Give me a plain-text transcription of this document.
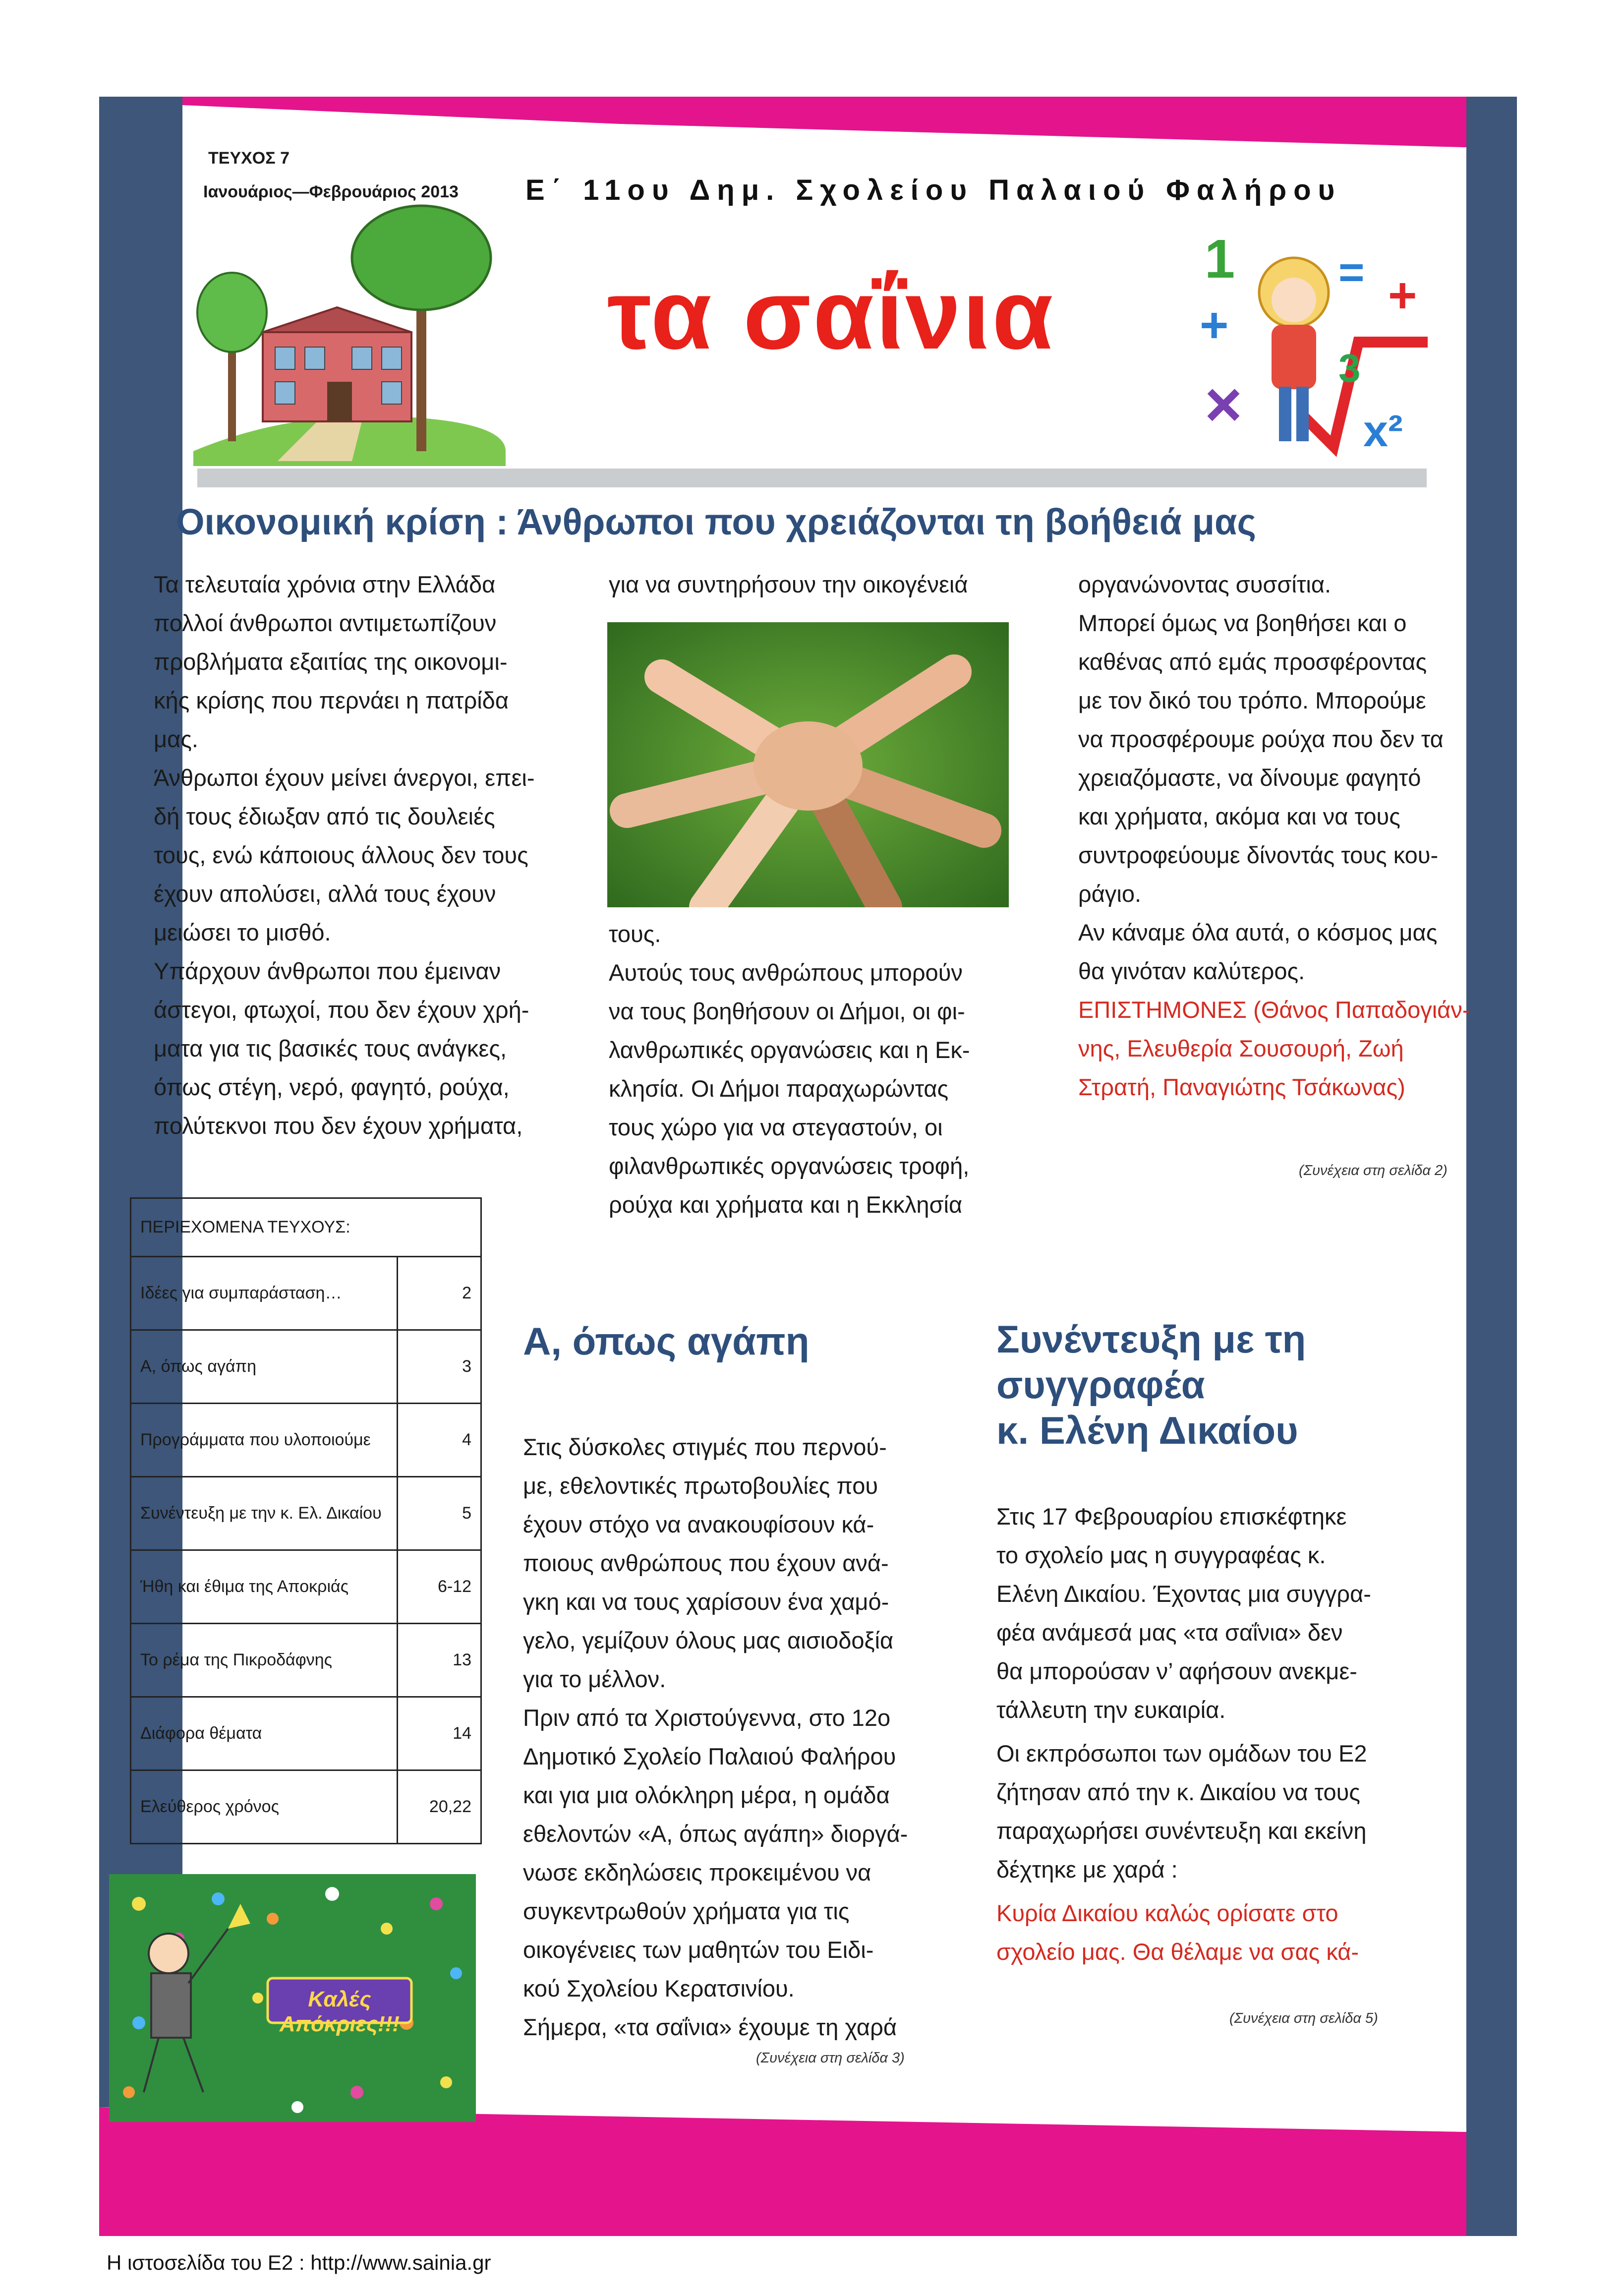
ΤΕΥΧΟΣ 7
Ιανουάριος—Φεβρουάριος 2013 Ε΄ 11ου Δημ. Σχολείου Παλαιού Φαλήρου
τα σαΐνια
1
+
×
+
=
x²
3
Οικονομική κρίση : Άνθρωποι που χρειάζονται τη βοήθειά μας

Τα τελευταία χρόνια στην Ελλάδα

πολλοί άνθρωποι αντιμετωπίζουν

προβλήματα εξαιτίας της οικονομι-

κής κρίσης που περνάει η πατρίδα

μας.

Άνθρωποι έχουν μείνει άνεργοι, επει-

δή τους έδιωξαν από τις δουλειές

τους, ενώ κάποιους άλλους δεν τους

έχουν απολύσει, αλλά τους έχουν

μειώσει το μισθό.

Υπάρχουν άνθρωποι που έμειναν

άστεγοι, φτωχοί, που δεν έχουν χρή-

ματα για τις βασικές τους ανάγκες,

όπως στέγη, νερό, φαγητό, ρούχα,

πολύτεκνοι που δεν έχουν χρήματα,

για να συντηρήσουν την οικογένειά

τους.

Αυτούς τους ανθρώπους μπορούν

να τους βοηθήσουν οι Δήμοι, οι φι-

λανθρωπικές οργανώσεις και η Εκ-

κλησία. Οι Δήμοι παραχωρώντας

τους χώρο για να στεγαστούν, οι

φιλανθρωπικές οργανώσεις τροφή,

ρούχα και χρήματα και η Εκκλησία

οργανώνοντας συσσίτια.

Μπορεί όμως να βοηθήσει και ο

καθένας από εμάς προσφέροντας

με τον δικό του τρόπο. Μπορούμε

να προσφέρουμε ρούχα που δεν τα

χρειαζόμαστε, να δίνουμε φαγητό

και χρήματα, ακόμα και να τους

συντροφεύουμε δίνοντάς τους κου-

ράγιο.

Αν κάναμε όλα αυτά, ο κόσμος μας

θα γινόταν καλύτερος.

ΕΠΙΣΤΗΜΟΝΕΣ (Θάνος Παπαδογιάν-

νης, Ελευθερία Σουσουρή, Ζωή

Στρατή, Παναγιώτης Τσάκωνας)

(Συνέχεια στη σελίδα 2)
ΠΕΡΙΕΧΟΜΕΝΑ ΤΕΥΧΟΥΣ:	
Ιδέες για συμπαράσταση…	2
Α, όπως αγάπη	3
Προγράμματα που υλοποιούμε	4
Συνέντευξη με την κ. Ελ. Δικαίου	5
Ήθη και έθιμα της Αποκριάς	6-12
Το ρέμα της Πικροδάφνης	13
Διάφορα θέματα	14
Ελεύθερος χρόνος	20,22
Καλές Απόκριες!!!
Α, όπως αγάπη

Στις δύσκολες στιγμές που περνού-

με, εθελοντικές πρωτοβουλίες που

έχουν στόχο να ανακουφίσουν κά-

ποιους ανθρώπους που έχουν ανά-

γκη και να τους χαρίσουν ένα χαμό-

γελο, γεμίζουν όλους μας αισιοδοξία

για το μέλλον.

Πριν από τα Χριστούγεννα, στο 12ο

Δημοτικό Σχολείο Παλαιού Φαλήρου

και για μια ολόκληρη μέρα, η ομάδα

εθελοντών «Α, όπως αγάπη» διοργά-

νωσε εκδηλώσεις προκειμένου να

συγκεντρωθούν χρήματα για τις

οικογένειες των μαθητών του Ειδι-

κού Σχολείου Κερατσινίου.

Σήμερα, «τα σαΐνια» έχουμε τη χαρά

(Συνέχεια στη σελίδα 3)
Συνέντευξη με τη
συγγραφέα
κ. Ελένη Δικαίου

Στις 17 Φεβρουαρίου επισκέφτηκε

το σχολείο μας η συγγραφέας κ.

Ελένη Δικαίου. Έχοντας μια συγγρα-

φέα ανάμεσά μας «τα σαΐνια» δεν

θα μπορούσαν ν’ αφήσουν ανεκμε-

τάλλευτη την ευκαιρία.

Οι εκπρόσωποι των ομάδων του Ε2

ζήτησαν από την κ. Δικαίου να τους

παραχωρήσει συνέντευξη και εκείνη

δέχτηκε με χαρά :

Κυρία Δικαίου καλώς ορίσατε στο

σχολείο μας. Θα θέλαμε να σας κά-

(Συνέχεια στη σελίδα 5)
Η ιστοσελίδα του Ε2 : http://www.sainia.gr
